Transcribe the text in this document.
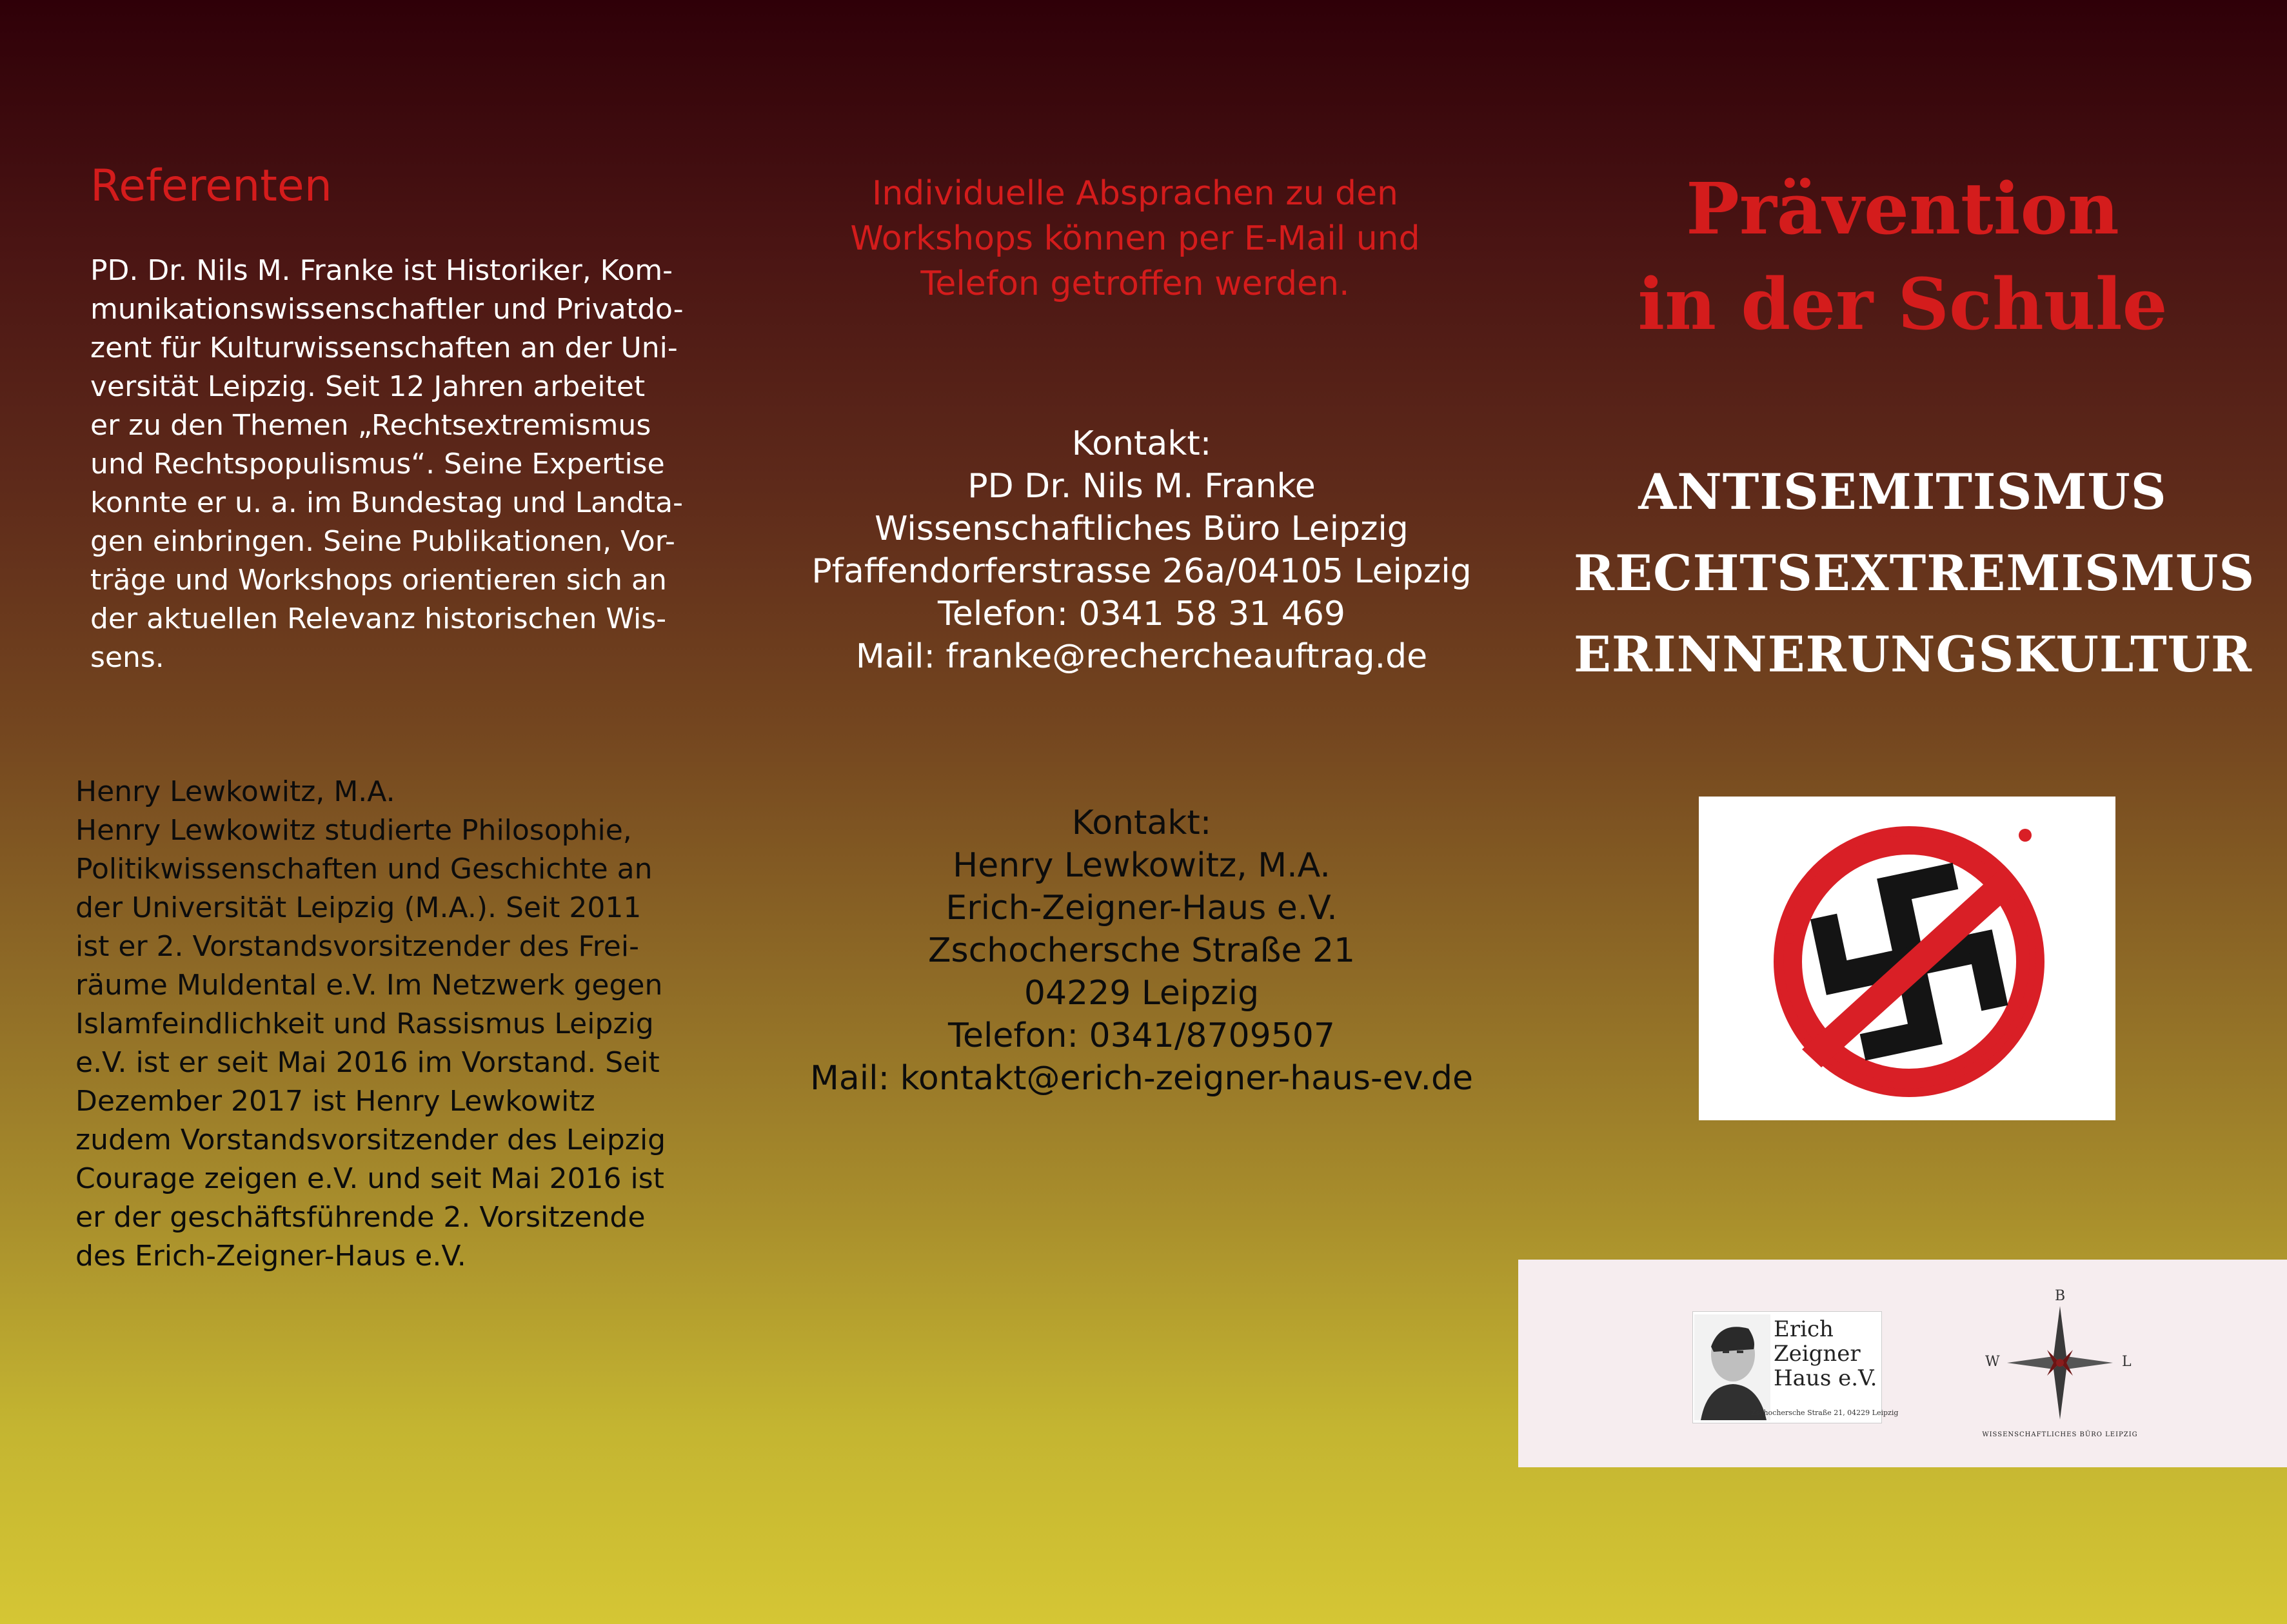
Referenten
PD. Dr. Nils M. Franke ist Historiker, Kom-
munikationswissenschaftler und Privatdo-
zent für Kulturwissenschaften an der Uni-
versität Leipzig. Seit 12 Jahren arbeitet
er zu den Themen „Rechtsextremismus
und Rechtspopulismus“. Seine Expertise
konnte er u. a. im Bundestag und Landta-
gen einbringen. Seine Publikationen, Vor-
träge und Workshops orientieren sich an
der aktuellen Relevanz historischen Wis-
sens.
Henry Lewkowitz, M.A.
Henry Lewkowitz studierte Philosophie,
Politikwissenschaften und Geschichte an
der Universität Leipzig (M.A.). Seit 2011
ist er 2. Vorstandsvorsitzender des Frei-
räume Muldental e.V. Im Netzwerk gegen
Islamfeindlichkeit und Rassismus Leipzig
e.V. ist er seit Mai 2016 im Vorstand. Seit
Dezember 2017 ist Henry Lewkowitz
zudem Vorstandsvorsitzender des Leipzig
Courage zeigen e.V. und seit Mai 2016 ist
er der geschäftsführende 2. Vorsitzende
des Erich-Zeigner-Haus e.V.
Individuelle Absprachen zu den
Workshops können per E-Mail und
Telefon getroffen werden.
Kontakt:
PD Dr. Nils M. Franke
Wissenschaftliches Büro Leipzig
Pfaffendorferstrasse 26a/04105 Leipzig
Telefon: 0341 58 31 469
Mail: franke@rechercheauftrag.de
Kontakt:
Henry Lewkowitz, M.A.
Erich-Zeigner-Haus e.V.
Zschochersche Straße 21
04229 Leipzig
Telefon: 0341/8709507
Mail: kontakt@erich-zeigner-haus-ev.de
Prävention
in der Schule
ANTISEMITISMUS
RECHTSEXTREMISMUS
ERINNERUNGSKULTUR
Erich
Zeigner
Haus e.V.
Zschochersche Straße 21, 04229 Leipzig
B
W	L
WISSENSCHAFTLICHES BÜRO LEIPZIG
